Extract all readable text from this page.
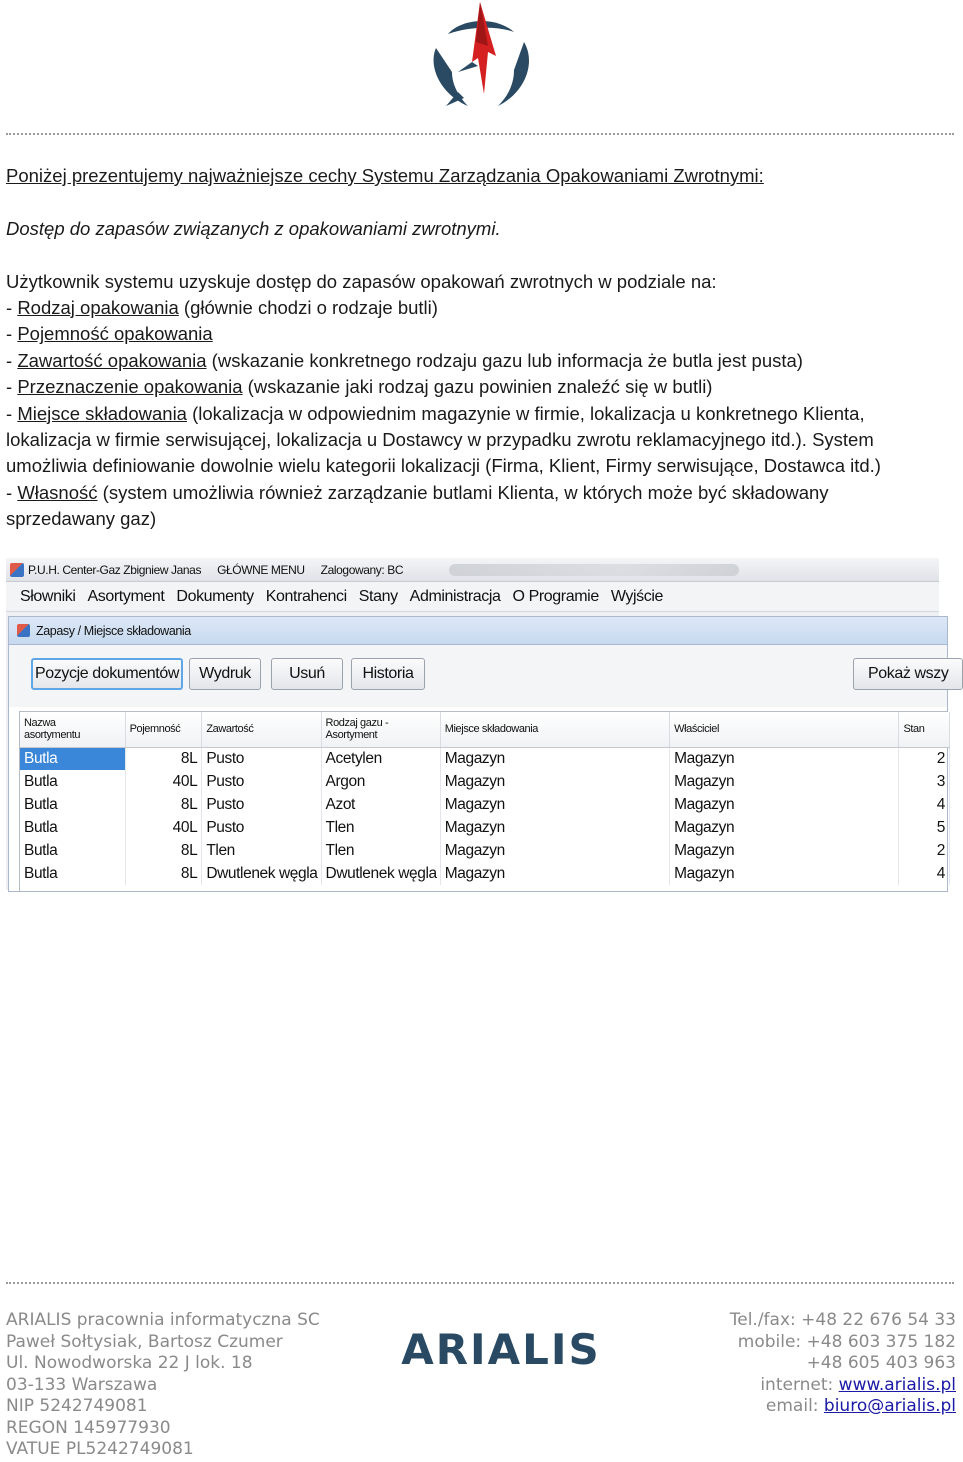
Poniżej prezentujemy najważniejsze cechy Systemu Zarządzania Opakowaniami Zwrotnymi:

Dostęp do zapasów związanych z opakowaniami zwrotnymi.

Użytkownik systemu uzyskuje dostęp do zapasów opakowań zwrotnych w podziale na:

- Rodzaj opakowania (głównie chodzi o rodzaje butli)

- Pojemność opakowania

- Zawartość opakowania (wskazanie konkretnego rodzaju gazu lub informacja że butla jest pusta)

- Przeznaczenie opakowania (wskazanie jaki rodzaj gazu powinien znaleźć się w butli)

- Miejsce składowania (lokalizacja w odpowiednim magazynie w firmie, lokalizacja u konkretnego Klienta,

lokalizacja w firmie serwisującej, lokalizacja u Dostawcy w przypadku zwrotu reklamacyjnego itd.). System

umożliwia definiowanie dowolnie wielu kategorii lokalizacji (Firma, Klient, Firmy serwisujące, Dostawca itd.)

- Własność (system umożliwia również zarządzanie butlami Klienta, w których może być składowany

sprzedawany gaz)

P.U.H. Center-Gaz Zbigniew Janas GŁÓWNE MENU Zalogowany: BC
Słowniki Asortyment Dokumenty Kontrahenci Stany Administracja O Programie Wyjście
Zapasy / Miejsce składowania
Pozycje dokumentów	Wydruk	Usuń	Historia	Pokaż wszy
Nazwa
asortymentu	Pojemność	Zawartość	Rodzaj gazu -
Asortyment	Miejsce składowania	Właściciel	Stan
Butla	8L	Pusto	Acetylen	Magazyn	Magazyn	2
Butla	40L	Pusto	Argon	Magazyn	Magazyn	3
Butla	8L	Pusto	Azot	Magazyn	Magazyn	4
Butla	40L	Pusto	Tlen	Magazyn	Magazyn	5
Butla	8L	Tlen	Tlen	Magazyn	Magazyn	2
Butla	8L	Dwutlenek węgla	Dwutlenek węgla	Magazyn	Magazyn	4
ARIALIS pracownia informatyczna SC
Paweł Sołtysiak, Bartosz Czumer
Ul. Nowodworska 22 J lok. 18
03-133 Warszawa
NIP 5242749081
REGON 145977930
VATUE PL5242749081
ARIALIS
Tel./fax: +48 22 676 54 33
mobile: +48 603 375 182
+48 605 403 963
internet: www.arialis.pl
email: biuro@arialis.pl
